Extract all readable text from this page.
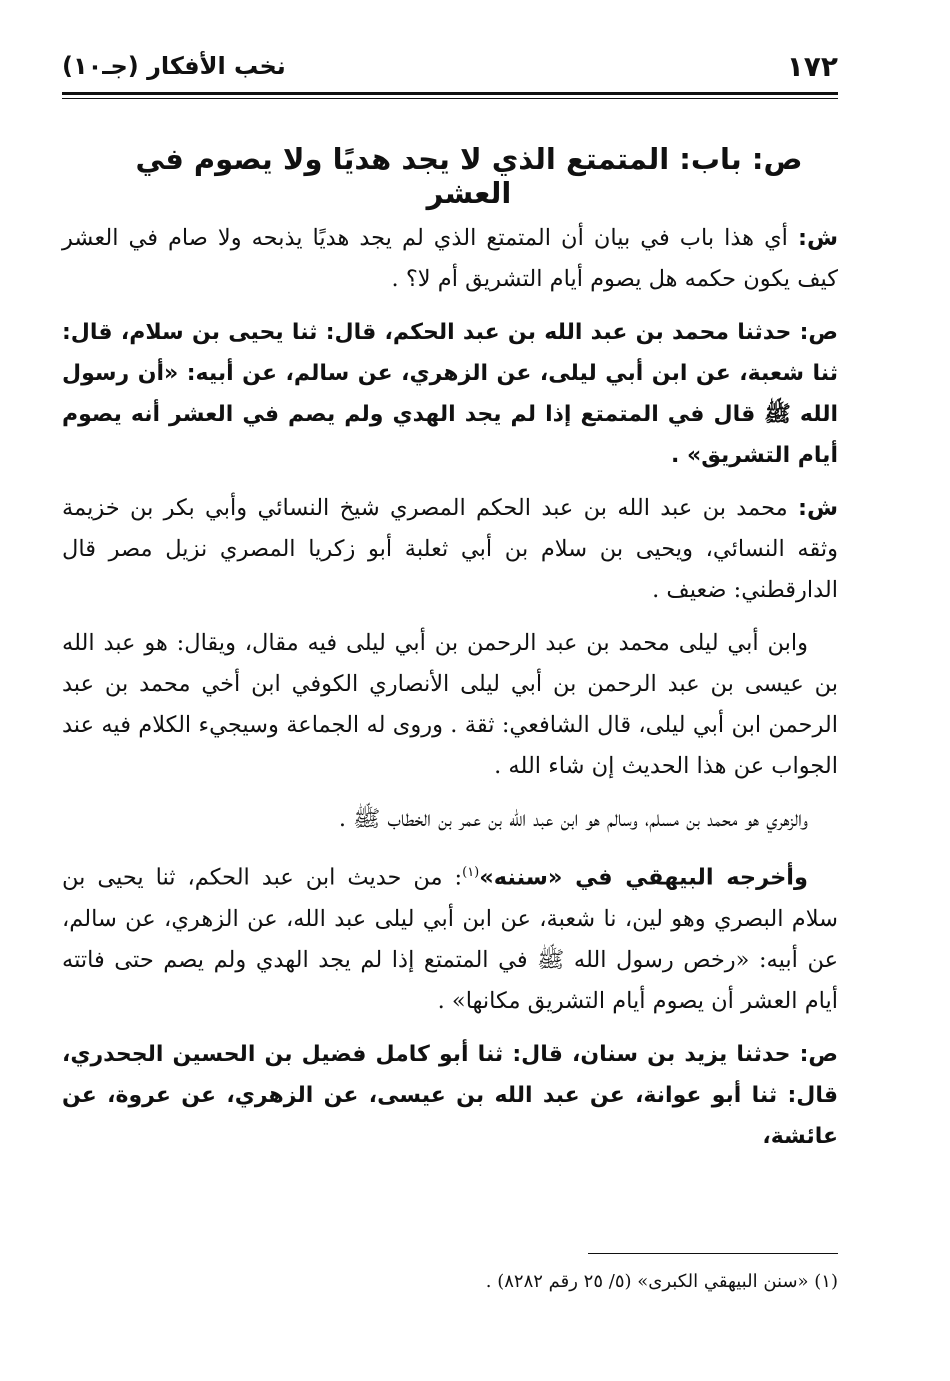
١٧٢
نخب الأفكار (جـ١٠)
ص: باب: المتمتع الذي لا يجد هديًا ولا يصوم في العشر

ش: أي هذا باب في بيان أن المتمتع الذي لم يجد هديًا يذبحه ولا صام في العشر كيف يكون حكمه هل يصوم أيام التشريق أم لا؟ .

ص: حدثنا محمد بن عبد الله بن عبد الحكم، قال: ثنا يحيى بن سلام، قال: ثنا شعبة، عن ابن أبي ليلى، عن الزهري، عن سالم، عن أبيه: «أن رسول الله ﷺ قال في المتمتع إذا لم يجد الهدي ولم يصم في العشر أنه يصوم أيام التشريق» .

ش: محمد بن عبد الله بن عبد الحكم المصري شيخ النسائي وأبي بكر بن خزيمة وثقه النسائي، ويحيى بن سلام بن أبي ثعلبة أبو زكريا المصري نزيل مصر قال الدارقطني: ضعيف .

وابن أبي ليلى محمد بن عبد الرحمن بن أبي ليلى فيه مقال، ويقال: هو عبد الله بن عيسى بن عبد الرحمن بن أبي ليلى الأنصاري الكوفي ابن أخي محمد بن عبد الرحمن ابن أبي ليلى، قال الشافعي: ثقة . وروى له الجماعة وسيجيء الكلام فيه عند الجواب عن هذا الحديث إن شاء الله .

والزهري هو محمد بن مسلم، وسالم هو ابن عبد الله بن عمر بن الخطاب ﷺ .

وأخرجه البيهقي في «سننه»$^{(١)}$: من حديث ابن عبد الحكم، ثنا يحيى بن سلام البصري وهو لين، نا شعبة، عن ابن أبي ليلى عبد الله، عن الزهري، عن سالم، عن أبيه: «رخص رسول الله ﷺ في المتمتع إذا لم يجد الهدي ولم يصم حتى فاتته أيام العشر أن يصوم أيام التشريق مكانها» .

ص: حدثنا يزيد بن سنان، قال: ثنا أبو كامل فضيل بن الحسين الجحدري، قال: ثنا أبو عوانة، عن عبد الله بن عيسى، عن الزهري، عن عروة، عن عائشة،

(١) «سنن البيهقي الكبرى» (٥/ ٢٥ رقم ٨٢٨٢) .
